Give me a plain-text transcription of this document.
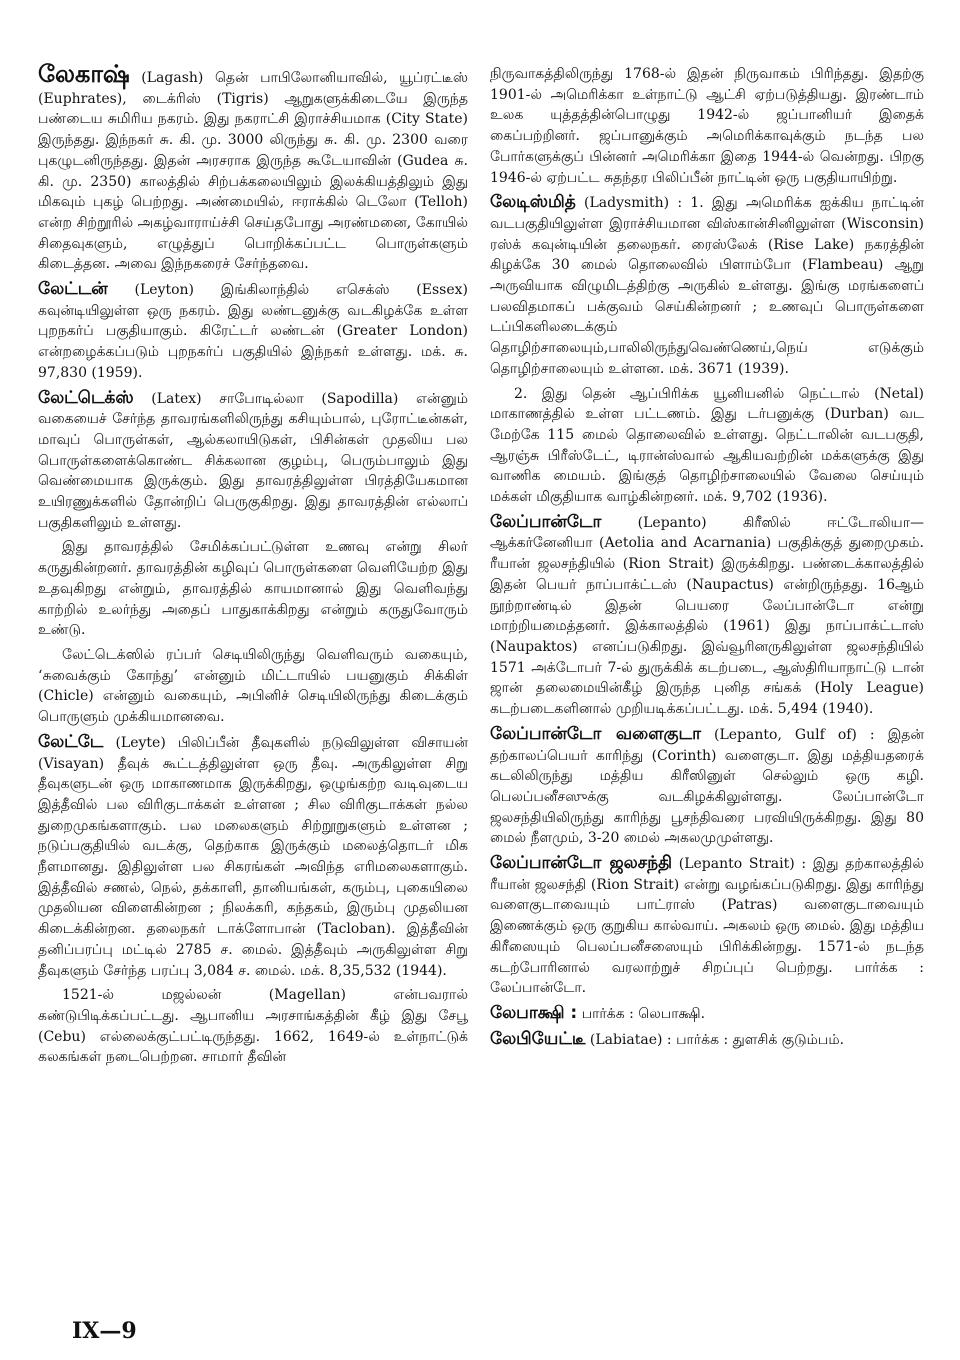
லேகாஷ் (Lagash) தென் பாபிலோனியாவில், யூப்ரட்டீஸ் (Euphrates), டைக்ரிஸ் (Tigris) ஆறுகளுக்கிடையே இருந்த பண்டைய சுமிரிய நகரம். இது நகராட்சி இராச்சியமாக (City State) இருந்தது. இந்நகர் சு. கி. மு. 3000 லிருந்து சு. கி. மு. 2300 வரை புகழுடனிருந்தது. இதன் அரசராக இருந்த கூடேயாவின் (Gudea சு. கி. மு. 2350) காலத்தில் சிற்பக்கலையிலும் இலக்கியத்திலும் இது மிகவும் புகழ் பெற்றது. அண்மையில், ஈராக்கில் டெலோ (Telloh) என்ற சிற்றூரில் அகழ்வாராய்ச்சி செய்தபோது அரண்மனை, கோயில் சிதைவுகளும், எழுத்துப் பொறிக்கப்பட்ட பொருள்களும் கிடைத்தன. அவை இந்நகரைச் சேர்ந்தவை.

லேட்டன் (Leyton) இங்கிலாந்தில் எசெக்ஸ் (Essex) கவுன்டியிலுள்ள ஒரு நகரம். இது லண்டனுக்கு வடகிழக்கே உள்ள புறநகர்ப் பகுதியாகும். கிரேட்டர் லண்டன் (Greater London) என்றழைக்கப்படும் புறநகர்ப் பகுதியில் இந்நகர் உள்ளது. மக். சு. 97,830 (1959).

லேட்டெக்ஸ் (Latex) சாபோடில்லா (Sapodilla) என்னும் வகையைச் சேர்ந்த தாவரங்களிலிருந்து கசியும்பால், புரோட்டீன்கள், மாவுப் பொருள்கள், ஆல்கலாயிடுகள், பிசின்கள் முதலிய பல பொருள்களைக்கொண்ட சிக்கலான குழம்பு, பெரும்பாலும் இது வெண்மையாக இருக்கும். இது தாவரத்திலுள்ள பிரத்தியேகமான உயிரணுக்களில் தோன்றிப் பெருகுகிறது. இது தாவரத்தின் எல்லாப் பகுதிகளிலும் உள்ளது.

இது தாவரத்தில் சேமிக்கப்பட்டுள்ள உணவு என்று சிலர் கருதுகின்றனர். தாவரத்தின் கழிவுப் பொருள்களை வெளியேற்ற இது உதவுகிறது என்றும், தாவரத்தில் காயமானால் இது வெளிவந்து காற்றில் உலர்ந்து அதைப் பாதுகாக்கிறது என்றும் கருதுவோரும் உண்டு.

லேட்டெக்ஸில் ரப்பர் செடியிலிருந்து வெளிவரும் வகையும், ‘சுவைக்கும் கோந்து’ என்னும் மிட்டாயில் பயனுகும் சிக்கிள் (Chicle) என்னும் வகையும், அபினிச் செடியிலிருந்து கிடைக்கும் பொருளும் முக்கியமானவை.

லேட்டே (Leyte) பிலிப்பீன் தீவுகளில் நடுவிலுள்ள விசாயன் (Visayan) தீவுக் கூட்டத்திலுள்ள ஒரு தீவு. அருகிலுள்ள சிறு தீவுகளுடன் ஒரு மாகாணமாக இருக்கிறது, ஒழுங்கற்ற வடிவுடைய இத்தீவில் பல விரிகுடாக்கள் உள்ளன ; சில விரிகுடாக்கள் நல்ல துறைமுகங்களாகும். பல மலைகளும் சிற்றூறுகளும் உள்ளன ; நடுப்பகுதியில் வடக்கு, தெற்காக இருக்கும் மலைத்தொடர் மிக நீளமானது. இதிலுள்ள பல சிகரங்கள் அவிந்த எரிமலைகளாகும். இத்தீவில் சணல், நெல், தக்காளி, தானியங்கள், கரும்பு, புகையிலை முதலியன விளைகின்றன ; நிலக்கரி, கந்தகம், இரும்பு முதலியன கிடைக்கின்றன. தலைநகர் டாக்ளோபான் (Tacloban). இத்தீவின் தனிப்பரப்பு மட்டில் 2785 ச. மைல். இத்தீவும் அருகிலுள்ள சிறு தீவுகளும் சேர்ந்த பரப்பு 3,084 ச. மைல். மக். 8,35,532 (1944).

1521-ல் மஜல்லன் (Magellan) என்பவரால் கண்டுபிடிக்கப்பட்டது. ஆபானிய அரசாங்கத்தின் கீழ் இது சேபூ (Cebu) எல்லைக்குட்பட்டிருந்தது. 1662, 1649-ல் உள்நாட்டுக் கலகங்கள் நடைபெற்றன. சாமார் தீவின்

நிருவாகத்திலிருந்து 1768-ல் இதன் நிருவாகம் பிரிந்தது. இதற்கு 1901-ல் அமெரிக்கா உள்நாட்டு ஆட்சி ஏற்படுத்தியது. இரண்டாம் உலக யுத்தத்தின்பொழுது 1942-ல் ஜப்பானியர் இதைக் கைப்பற்றினர். ஜப்பானுக்கும் அமெரிக்காவுக்கும் நடந்த பல போர்களுக்குப் பின்னர் அமெரிக்கா இதை 1944-ல் வென்றது. பிறகு 1946-ல் ஏற்பட்ட சுதந்தர பிலிப்பீன் நாட்டின் ஒரு பகுதியாயிற்று.

லேடிஸ்மித் (Ladysmith) : 1. இது அமெரிக்க ஐக்கிய நாட்டின் வடபகுதியிலுள்ள இராச்சியமான விஸ்கான்சினிலுள்ள (Wisconsin) ரஸ்க் கவுன்டியின் தலைநகர். ரைஸ்லேக் (Rise Lake) நகரத்தின் கிழக்கே 30 மைல் தொலைவில் பிளாம்போ (Flambeau) ஆறு அருவியாக விழுமிடத்திற்கு அருகில் உள்ளது. இங்கு மரங்களைப் பலவிதமாகப் பக்குவம் செய்கின்றனர் ; உணவுப் பொருள்களை டப்பிகளிலடைக்கும் தொழிற்சாலையும்,பாலிலிருந்துவெண்ணெய்,நெய் எடுக்கும் தொழிற்சாலையும் உள்ளன. மக். 3671 (1939).

2. இது தென் ஆப்பிரிக்க யூனியனில் நெட்டால் (Netal) மாகாணத்தில் உள்ள பட்டணம். இது டர்பனுக்கு (Durban) வட மேற்கே 115 மைல் தொலைவில் உள்ளது. நெட்டாலின் வடபகுதி, ஆரஞ்சு பிரீஸ்டேட், டிரான்ஸ்வால் ஆகியவற்றின் மக்களுக்கு இது வாணிக மையம். இங்குத் தொழிற்சாலையில் வேலை செய்யும் மக்கள் மிகுதியாக வாழ்கின்றனர். மக். 9,702 (1936).

லேப்பான்டோ	(Lepanto) கிரீஸில் ஈட்டோலியா—ஆக்கர்னேனியா (Aetolia and Acarnania) பகுதிக்குத் துறைமுகம். ரீயான் ஜலசந்தியில் (Rion Strait) இருக்கிறது. பண்டைக்காலத்தில் இதன் பெயர் நாப்பாக்ட்டஸ் (Naupactus) என்றிருந்தது. 16ஆம் நூற்றாண்டில் இதன் பெயரை லேப்பான்டோ என்று மாற்றியமைத்தனர். இக்காலத்தில் (1961) இது நாப்பாக்ட்டாஸ் (Naupaktos) எனப்படுகிறது. இவ்வூரினருகிலுள்ள ஜலசந்தியில் 1571 அக்டோபர் 7-ல் துருக்கிக் கடற்படை, ஆஸ்திரியாநாட்டு டான் ஜான் தலைமையின்கீழ் இருந்த புனித சங்கக் (Holy League) கடற்படைகளினால் முறியடிக்கப்பட்டது. மக். 5,494 (1940).

லேப்பான்டோ வளைகுடா (Lepanto, Gulf of) : இதன் தற்காலப்பெயர் காரிந்து (Corinth) வளைகுடா. இது மத்தியதரைக் கடலிலிருந்து மத்திய கிரீஸினுள் செல்லும் ஒரு கழி. பெலப்பனீசஸுக்கு வடகிழக்கிலுள்ளது. லேப்பான்டோ ஜலசந்தியிலிருந்து காரிந்து பூசந்திவரை பரவியிருக்கிறது. இது 80 மைல் நீளமும், 3-20 மைல் அகலமுமுள்ளது.

லேப்பான்டோ ஜலசந்தி (Lepanto Strait) : இது தற்காலத்தில் ரீயான் ஜலசந்தி (Rion Strait) என்று வழங்கப்படுகிறது. இது காரிந்து வளைகுடாவையும் பாட்ராஸ் (Patras) வளைகுடாவையும் இணைக்கும் ஒரு குறுகிய கால்வாய். அகலம் ஒரு மைல். இது மத்திய கிரீஸையும் பெலப்பனீசஸையும் பிரிக்கின்றது. 1571-ல் நடந்த கடற்போரினால் வரலாற்றுச் சிறப்புப் பெற்றது. பார்க்க : லேப்பான்டோ.

லேபாக்ஷி : பார்க்க : லெபாக்ஷி.

லேபியேட்டீ (Labiatae) : பார்க்க : துளசிக் குடும்பம்.

IX—9
